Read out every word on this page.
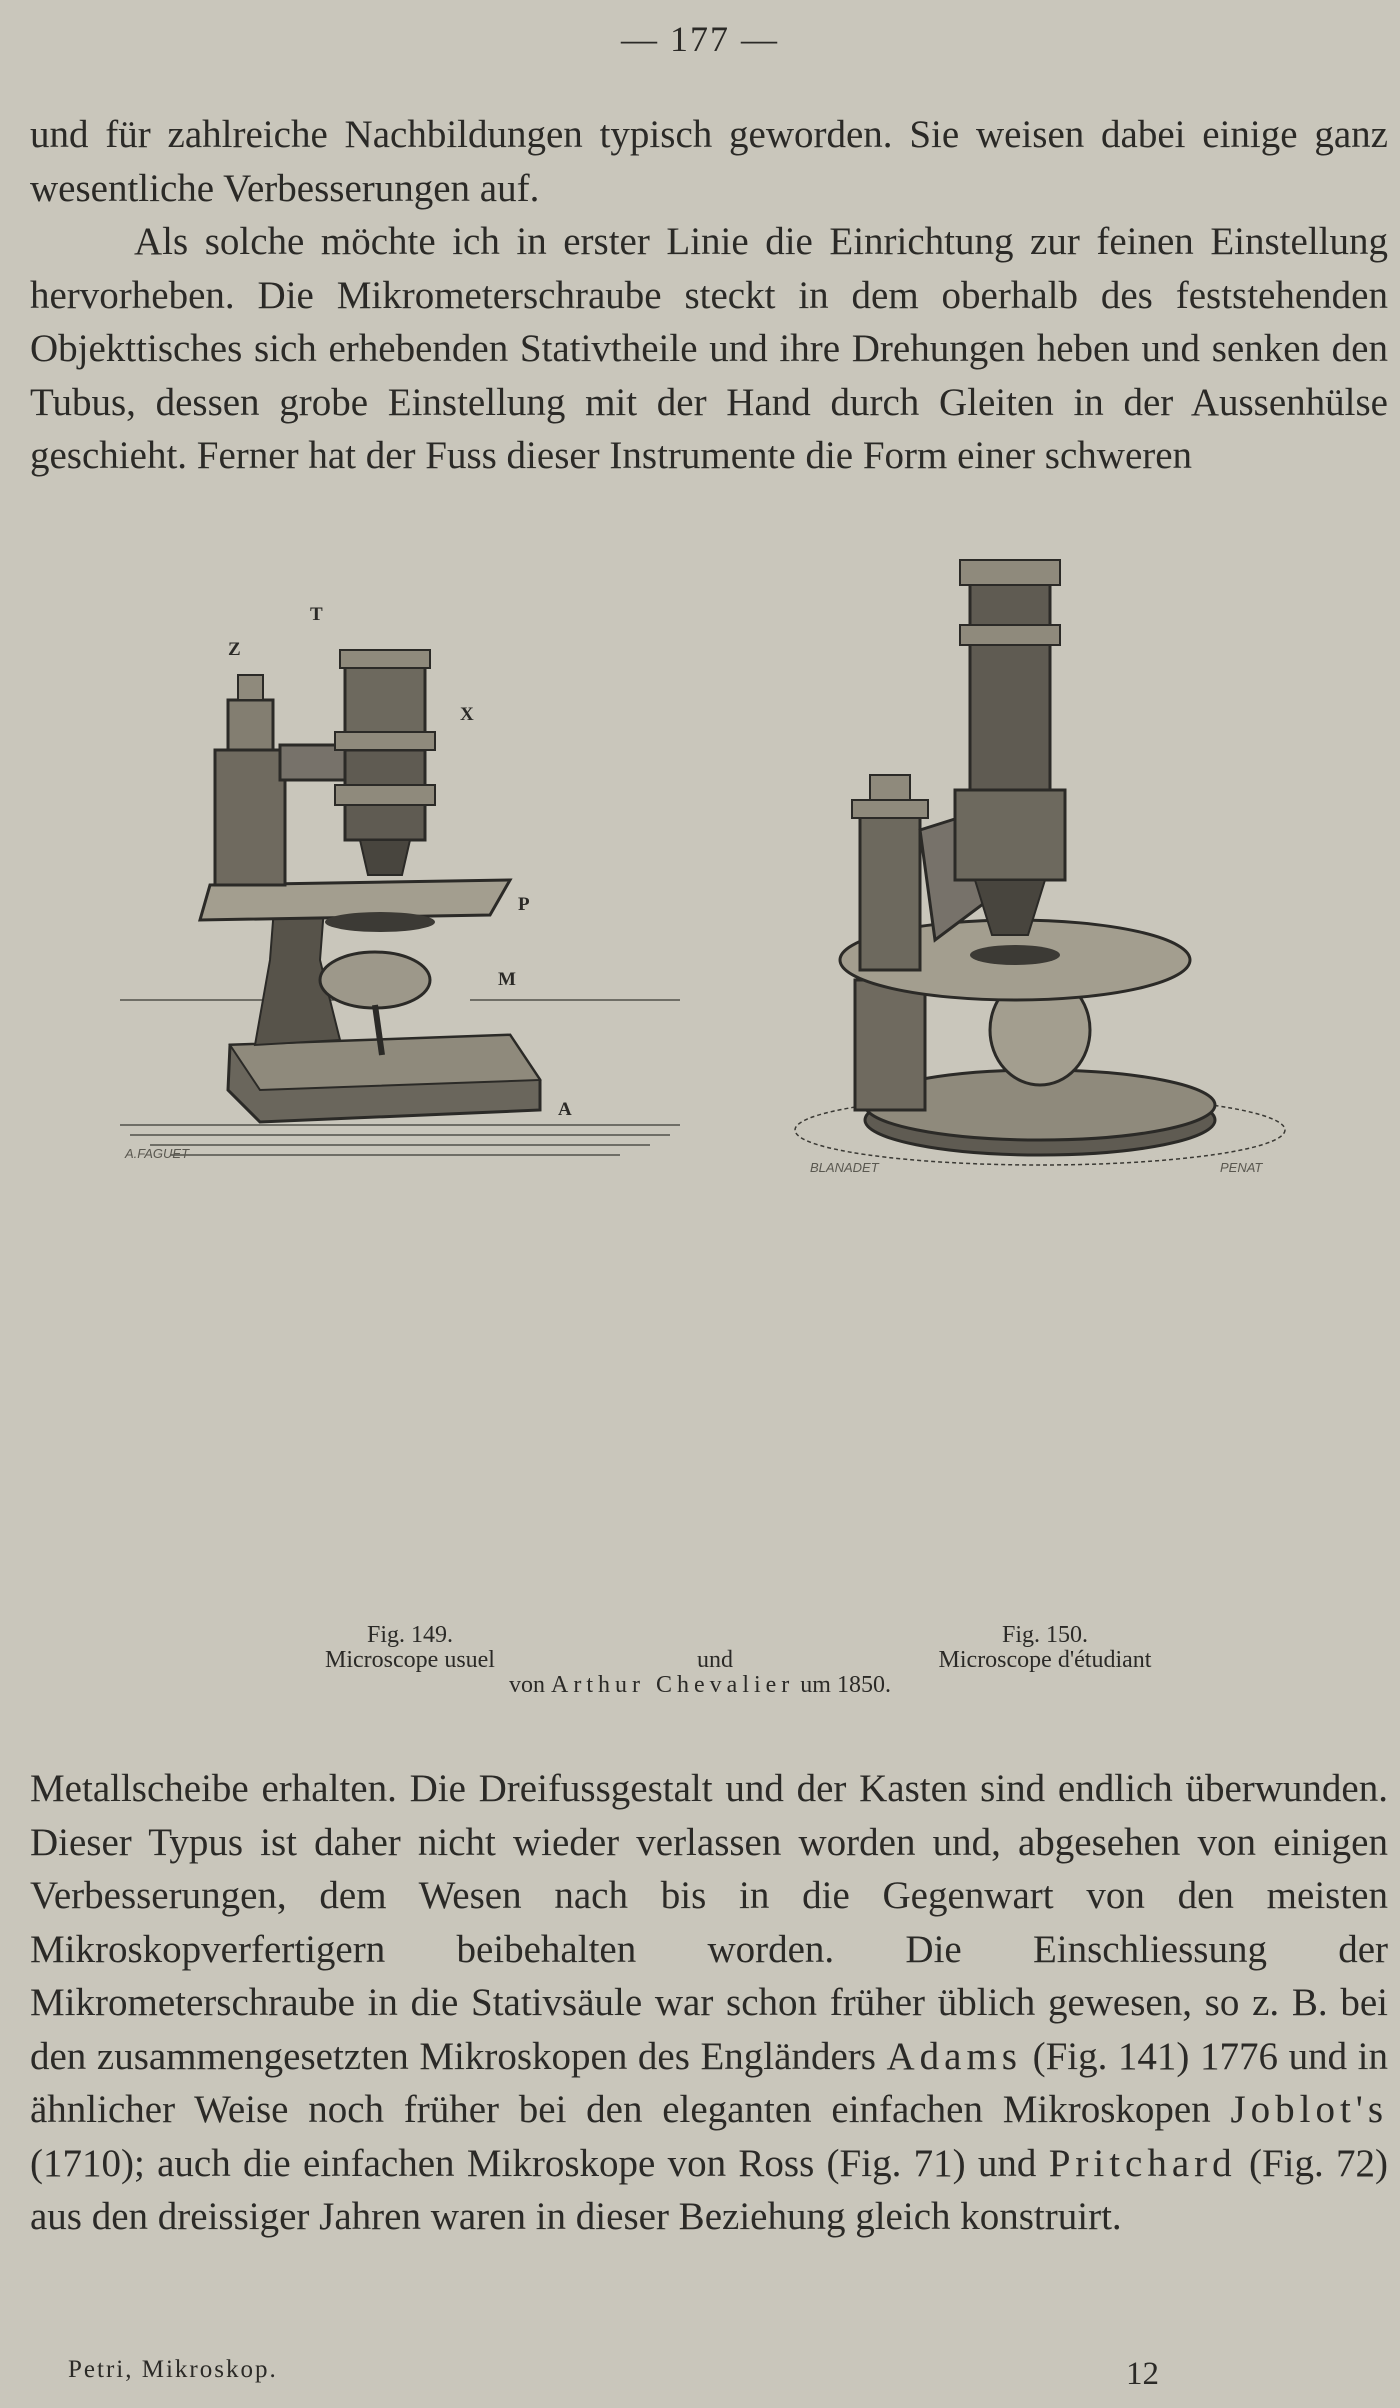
— 177 —

und für zahlreiche Nachbildungen typisch geworden. Sie weisen dabei einige ganz wesentliche Verbesserungen auf.

Als solche möchte ich in erster Linie die Einrichtung zur feinen Einstellung hervorheben. Die Mikrometerschraube steckt in dem oberhalb des feststehenden Objekttisches sich erhebenden Stativtheile und ihre Drehungen heben und senken den Tubus, dessen grobe Einstellung mit der Hand durch Gleiten in der Aussenhülse geschieht. Ferner hat der Fuss dieser Instrumente die Form einer schweren

T
Z
X
P
M
A
A.FAGUET
BLANADET	PENAT
Fig. 149.	Fig. 150.
Microscope usuel	und	Microscope d'étudiant
von Arthur Chevalier um 1850.

Metallscheibe erhalten. Die Dreifussgestalt und der Kasten sind endlich überwunden. Dieser Typus ist daher nicht wieder verlassen worden und, abgesehen von einigen Verbesserungen, dem Wesen nach bis in die Gegenwart von den meisten Mikroskopverfertigern beibehalten worden. Die Einschliessung der Mikrometerschraube in die Stativsäule war schon früher üblich gewesen, so z. B. bei den zusammengesetzten Mikroskopen des Engländers Adams (Fig. 141) 1776 und in ähnlicher Weise noch früher bei den eleganten einfachen Mikroskopen Joblot's (1710); auch die einfachen Mikroskope von Ross (Fig. 71) und Pritchard (Fig. 72) aus den dreissiger Jahren waren in dieser Beziehung gleich konstruirt.

Petri, Mikroskop.	12
